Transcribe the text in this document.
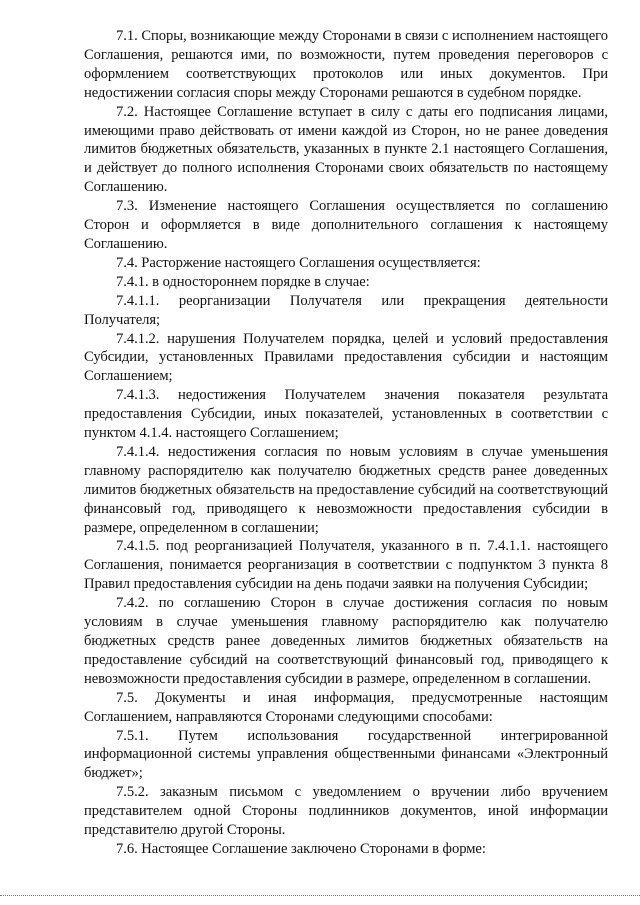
7.1. Споры, возникающие между Сторонами в связи с исполнением настоящего Соглашения, решаются ими, по возможности, путем проведения переговоров с оформлением соответствующих протоколов или иных документов. При недостижении согласия споры между Сторонами решаются в судебном порядке.

7.2. Настоящее Соглашение вступает в силу с даты его подписания лицами, имеющими право действовать от имени каждой из Сторон, но не ранее доведения лимитов бюджетных обязательств, указанных в пункте 2.1 настоящего Соглашения, и действует до полного исполнения Сторонами своих обязательств по настоящему Соглашению.

7.3. Изменение настоящего Соглашения осуществляется по соглашению Сторон и оформляется в виде дополнительного соглашения к настоящему Соглашению.

7.4. Расторжение настоящего Соглашения осуществляется:

7.4.1. в одностороннем порядке в случае:

7.4.1.1. реорганизации Получателя или прекращения деятельности Получателя;

7.4.1.2. нарушения Получателем порядка, целей и условий предоставления Субсидии, установленных Правилами предоставления субсидии и настоящим Соглашением;

7.4.1.3. недостижения Получателем значения показателя результата предоставления Субсидии, иных показателей, установленных в соответствии с пунктом 4.1.4. настоящего Соглашением;

7.4.1.4. недостижения согласия по новым условиям в случае уменьшения главному распорядителю как получателю бюджетных средств ранее доведенных лимитов бюджетных обязательств на предоставление субсидий на соответствующий финансовый год, приводящего к невозможности предоставления субсидии в размере, определенном в соглашении;

7.4.1.5. под реорганизацией Получателя, указанного в п. 7.4.1.1. настоящего Соглашения, понимается реорганизация в соответствии с подпунктом 3 пункта 8 Правил предоставления субсидии на день подачи заявки на получения Субсидии;

7.4.2. по соглашению Сторон в случае достижения согласия по новым условиям в случае уменьшения главному распорядителю как получателю бюджетных средств ранее доведенных лимитов бюджетных обязательств на предоставление субсидий на соответствующий финансовый год, приводящего к невозможности предоставления субсидии в размере, определенном в соглашении.

7.5. Документы и иная информация, предусмотренные настоящим Соглашением, направляются Сторонами следующими способами:

7.5.1. Путем использования государственной интегрированной информационной системы управления общественными финансами «Электронный бюджет»;

7.5.2. заказным письмом с уведомлением о вручении либо вручением представителем одной Стороны подлинников документов, иной информации представителю другой Стороны.

7.6. Настоящее Соглашение заключено Сторонами в форме:
